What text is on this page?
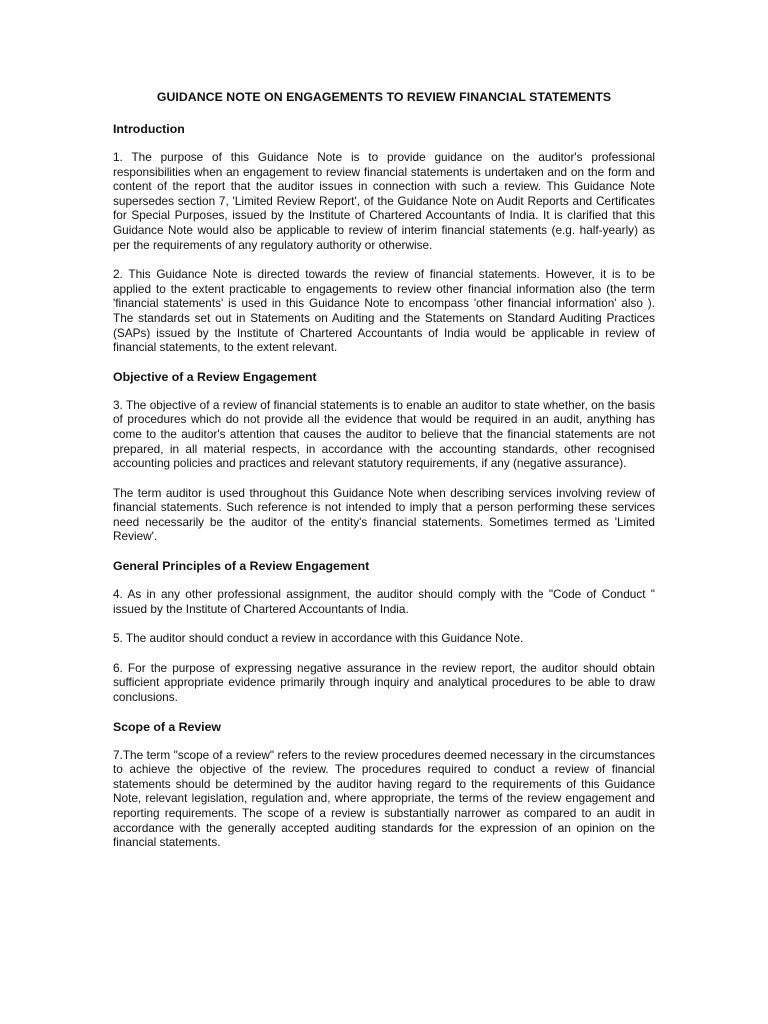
GUIDANCE NOTE ON ENGAGEMENTS TO REVIEW FINANCIAL STATEMENTS
Introduction

1. The purpose of this Guidance Note is to provide guidance on the auditor's professional responsibilities when an engagement to review financial statements is undertaken and on the form and content of the report that the auditor issues in connection with such a review. This Guidance Note supersedes section 7, 'Limited Review Report', of the Guidance Note on Audit Reports and Certificates for Special Purposes, issued by the Institute of Chartered Accountants of India. It is clarified that this Guidance Note would also be applicable to review of interim financial statements (e.g. half-yearly) as per the requirements of any regulatory authority or otherwise.

2. This Guidance Note is directed towards the review of financial statements. However, it is to be applied to the extent practicable to engagements to review other financial information also (the term 'financial statements' is used in this Guidance Note to encompass 'other financial information' also ). The standards set out in Statements on Auditing and the Statements on Standard Auditing Practices (SAPs) issued by the Institute of Chartered Accountants of India would be applicable in review of financial statements, to the extent relevant.

Objective of a Review Engagement

3. The objective of a review of financial statements is to enable an auditor to state whether, on the basis of procedures which do not provide all the evidence that would be required in an audit, anything has come to the auditor's attention that causes the auditor to believe that the financial statements are not prepared, in all material respects, in accordance with the accounting standards, other recognised accounting policies and practices and relevant statutory requirements, if any (negative assurance).

The term auditor is used throughout this Guidance Note when describing services involving review of financial statements. Such reference is not intended to imply that a person performing these services need necessarily be the auditor of the entity's financial statements. Sometimes termed as 'Limited Review'.

General Principles of a Review Engagement

4. As in any other professional assignment, the auditor should comply with the "Code of Conduct " issued by the Institute of Chartered Accountants of India.

5. The auditor should conduct a review in accordance with this Guidance Note.

6. For the purpose of expressing negative assurance in the review report, the auditor should obtain sufficient appropriate evidence primarily through inquiry and analytical procedures to be able to draw conclusions.

Scope of a Review

7.The term "scope of a review" refers to the review procedures deemed necessary in the circumstances to achieve the objective of the review. The procedures required to conduct a review of financial statements should be determined by the auditor having regard to the requirements of this Guidance Note, relevant legislation, regulation and, where appropriate, the terms of the review engagement and reporting requirements. The scope of a review is substantially narrower as compared to an audit in accordance with the generally accepted auditing standards for the expression of an opinion on the financial statements.
